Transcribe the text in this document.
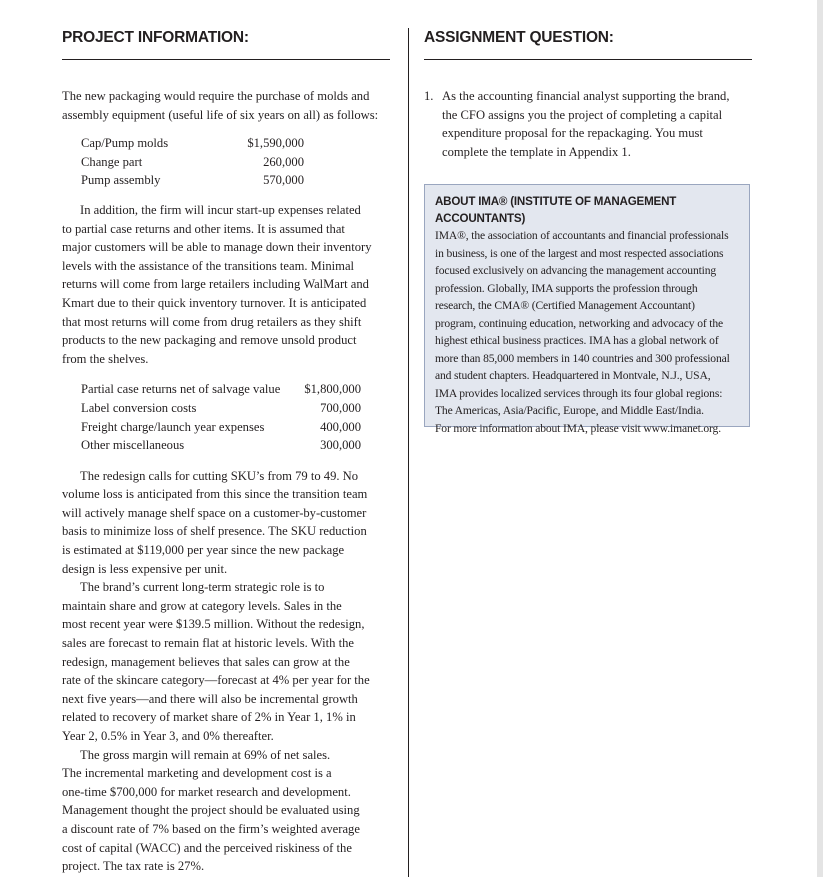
PROJECT INFORMATION:

The new packaging would require the purchase of molds and

assembly equipment (useful life of six years on all) as follows:

Cap/Pump molds	$1,590,000
Change part	260,000
Pump assembly	570,000

In addition, the firm will incur start-up expenses related

to partial case returns and other items. It is assumed that

major customers will be able to manage down their inventory

levels with the assistance of the transitions team. Minimal

returns will come from large retailers including WalMart and

Kmart due to their quick inventory turnover. It is anticipated

that most returns will come from drug retailers as they shift

products to the new packaging and remove unsold product

from the shelves.

Partial case returns net of salvage value	$1,800,000
Label conversion costs	700,000
Freight charge/launch year expenses	400,000
Other miscellaneous	300,000

The redesign calls for cutting SKU’s from 79 to 49. No

volume loss is anticipated from this since the transition team

will actively manage shelf space on a customer-by-customer

basis to minimize loss of shelf presence. The SKU reduction

is estimated at $119,000 per year since the new package

design is less expensive per unit.

The brand’s current long-term strategic role is to

maintain share and grow at category levels. Sales in the

most recent year were $139.5 million. Without the redesign,

sales are forecast to remain flat at historic levels. With the

redesign, management believes that sales can grow at the

rate of the skincare category—forecast at 4% per year for the

next five years—and there will also be incremental growth

related to recovery of market share of 2% in Year 1, 1% in

Year 2, 0.5% in Year 3, and 0% thereafter.

The gross margin will remain at 69% of net sales.

The incremental marketing and development cost is a

one-time $700,000 for market research and development.

Management thought the project should be evaluated using

a discount rate of 7% based on the firm’s weighted average

cost of capital (WACC) and the perceived riskiness of the

project. The tax rate is 27%.

ASSIGNMENT QUESTION:
1. As the accounting financial analyst supporting the brand,

the CFO assigns you the project of completing a capital

expenditure proposal for the repackaging. You must

complete the template in Appendix 1.

ABOUT IMA® (INSTITUTE OF MANAGEMENT ACCOUNTANTS)
IMA®, the association of accountants and financial professionals
in business, is one of the largest and most respected associations
focused exclusively on advancing the management accounting
profession. Globally, IMA supports the profession through
research, the CMA® (Certified Management Accountant)
program, continuing education, networking and advocacy of the
highest ethical business practices. IMA has a global network of
more than 85,000 members in 140 countries and 300 professional
and student chapters. Headquartered in Montvale, N.J., USA,
IMA provides localized services through its four global regions:
The Americas, Asia/Pacific, Europe, and Middle East/India.
For more information about IMA, please visit www.imanet.org.
